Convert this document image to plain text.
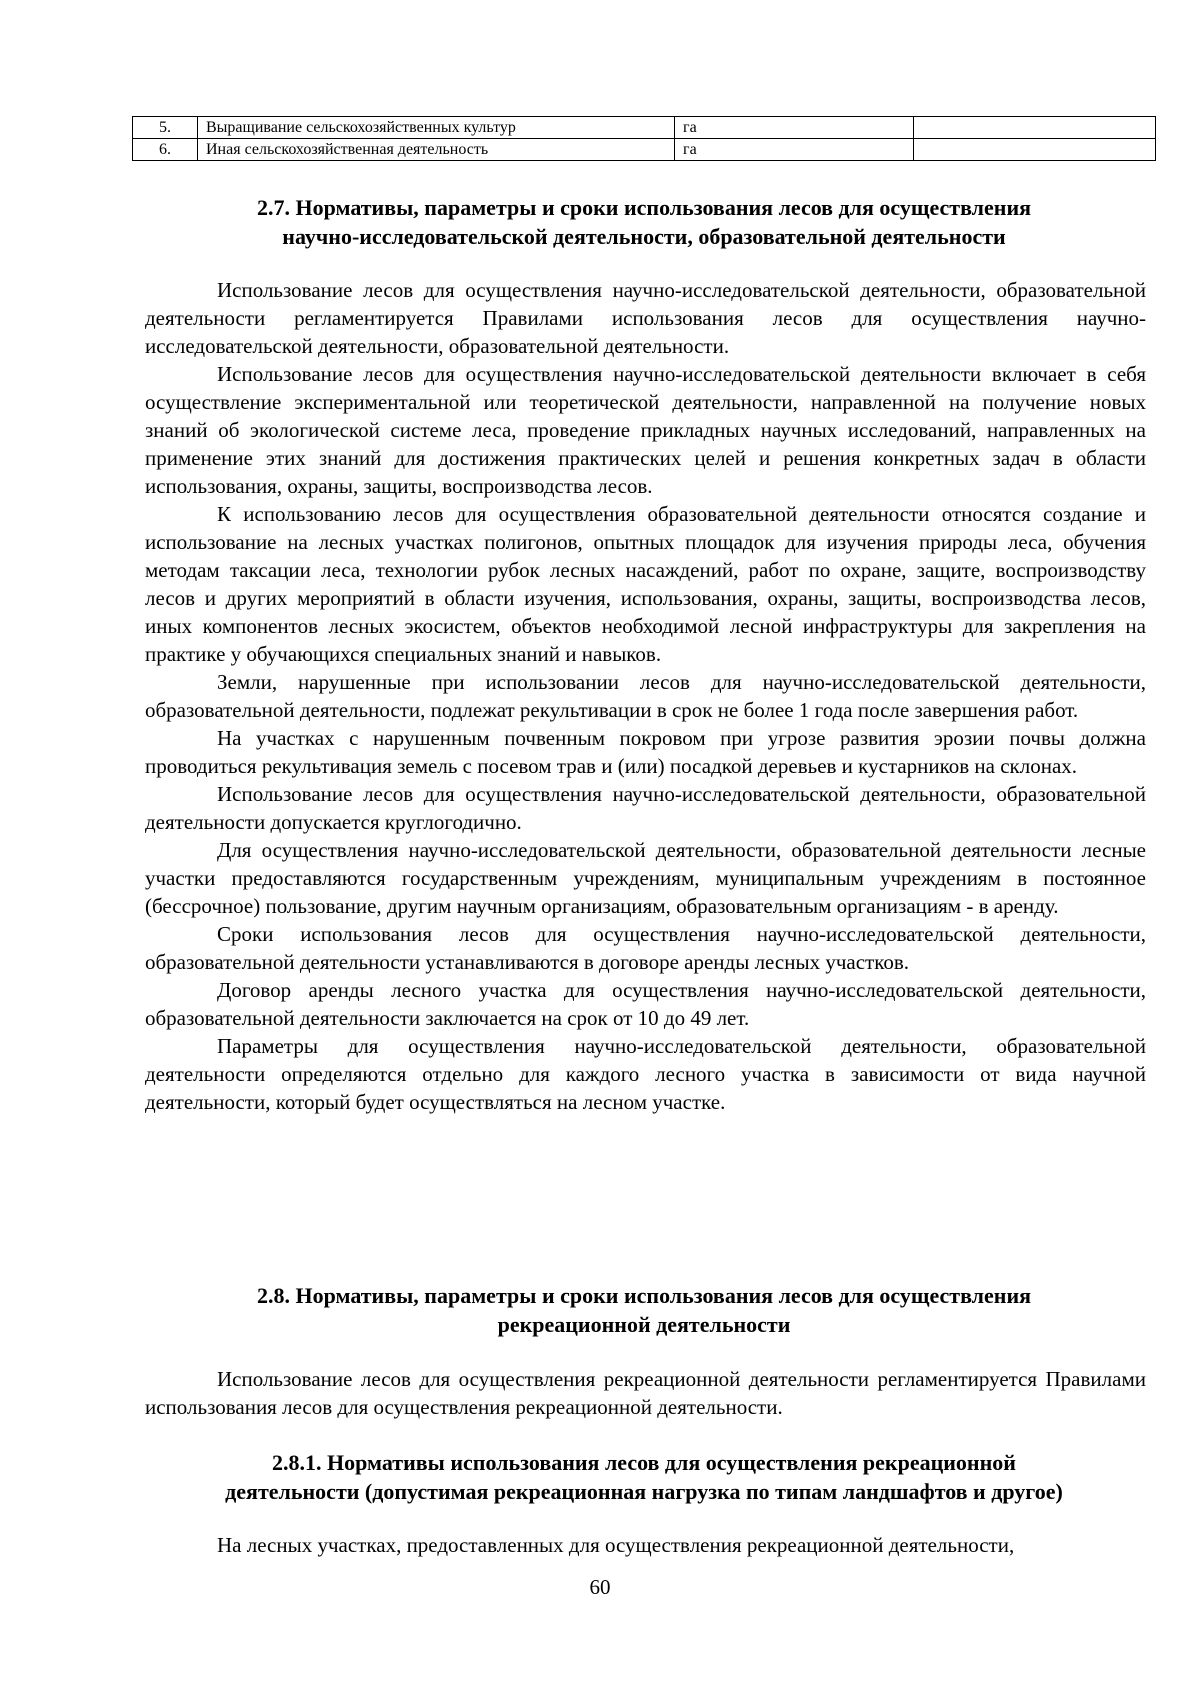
5.	Выращивание сельскохозяйственных культур	га	
6.	Иная сельскохозяйственная деятельность	га	
2.7. Нормативы, параметры и сроки использования лесов для осуществления
научно-исследовательской деятельности, образовательной деятельности

Использование лесов для осуществления научно-исследовательской деятельности, образовательной деятельности регламентируется Правилами использования лесов для осуществления научно-исследовательской деятельности, образовательной деятельности.

Использование лесов для осуществления научно-исследовательской деятельности включает в себя осуществление экспериментальной или теоретической деятельности, направленной на получение новых знаний об экологической системе леса, проведение прикладных научных исследований, направленных на применение этих знаний для достижения практических целей и решения конкретных задач в области использования, охраны, защиты, воспроизводства лесов.

К использованию лесов для осуществления образовательной деятельности относятся создание и использование на лесных участках полигонов, опытных площадок для изучения природы леса, обучения методам таксации леса, технологии рубок лесных насаждений, работ по охране, защите, воспроизводству лесов и других мероприятий в области изучения, использования, охраны, защиты, воспроизводства лесов, иных компонентов лесных экосистем, объектов необходимой лесной инфраструктуры для закрепления на практике у обучающихся специальных знаний и навыков.

Земли, нарушенные при использовании лесов для научно-исследовательской деятельности, образовательной деятельности, подлежат рекультивации в срок не более 1 года после завершения работ.

На участках с нарушенным почвенным покровом при угрозе развития эрозии почвы должна проводиться рекультивация земель с посевом трав и (или) посадкой деревьев и кустарников на склонах.

Использование лесов для осуществления научно-исследовательской деятельности, образовательной деятельности допускается круглогодично.

Для осуществления научно-исследовательской деятельности, образовательной деятельности лесные участки предоставляются государственным учреждениям, муниципальным учреждениям в постоянное (бессрочное) пользование, другим научным организациям, образовательным организациям - в аренду.

Сроки использования лесов для осуществления научно-исследовательской деятельности, образовательной деятельности устанавливаются в договоре аренды лесных участков.

Договор аренды лесного участка для осуществления научно-исследовательской деятельности, образовательной деятельности заключается на срок от 10 до 49 лет.

Параметры для осуществления научно-исследовательской деятельности, образовательной деятельности определяются отдельно для каждого лесного участка в зависимости от вида научной деятельности, который будет осуществляться на лесном участке.

2.8. Нормативы, параметры и сроки использования лесов для осуществления
рекреационной деятельности

Использование лесов для осуществления рекреационной деятельности регламентируется Правилами использования лесов для осуществления рекреационной деятельности.

2.8.1. Нормативы использования лесов для осуществления рекреационной
деятельности (допустимая рекреационная нагрузка по типам ландшафтов и другое)

На лесных участках, предоставленных для осуществления рекреационной деятельности,

60
